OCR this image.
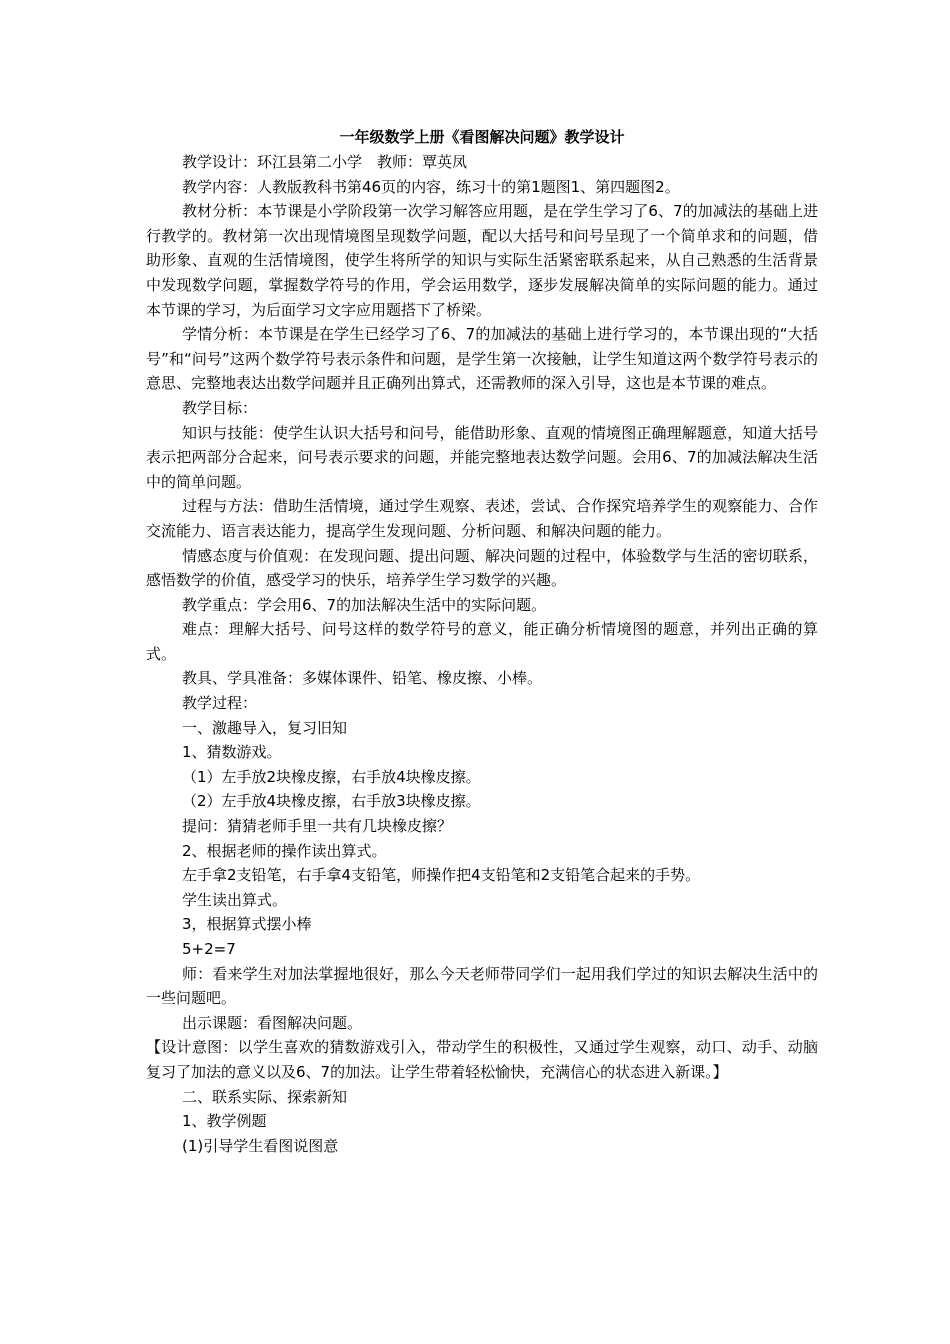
一年级数学上册《看图解决问题》教学设计

教学设计：环江县第二小学　教师：覃英凤

教学内容：人教版教科书第46页的内容，练习十的第1题图1、第四题图2。

教材分析：本节课是小学阶段第一次学习解答应用题，是在学生学习了6、7的加减法的基础上进行教学的。教材第一次出现情境图呈现数学问题，配以大括号和问号呈现了一个简单求和的问题，借助形象、直观的生活情境图，使学生将所学的知识与实际生活紧密联系起来，从自己熟悉的生活背景中发现数学问题，掌握数学符号的作用，学会运用数学，逐步发展解决简单的实际问题的能力。通过本节课的学习，为后面学习文字应用题搭下了桥梁。

学情分析：本节课是在学生已经学习了6、7的加减法的基础上进行学习的，本节课出现的“大括号”和“问号”这两个数学符号表示条件和问题，是学生第一次接触，让学生知道这两个数学符号表示的意思、完整地表达出数学问题并且正确列出算式，还需教师的深入引导，这也是本节课的难点。

教学目标：

知识与技能：使学生认识大括号和问号，能借助形象、直观的情境图正确理解题意，知道大括号表示把两部分合起来，问号表示要求的问题，并能完整地表达数学问题。会用6、7的加减法解决生活中的简单问题。

过程与方法：借助生活情境，通过学生观察、表述，尝试、合作探究培养学生的观察能力、合作交流能力、语言表达能力，提高学生发现问题、分析问题、和解决问题的能力。

情感态度与价值观：在发现问题、提出问题、解决问题的过程中，体验数学与生活的密切联系，感悟数学的价值，感受学习的快乐，培养学生学习数学的兴趣。

教学重点：学会用6、7的加法解决生活中的实际问题。

难点：理解大括号、问号这样的数学符号的意义，能正确分析情境图的题意，并列出正确的算式。

教具、学具准备：多媒体课件、铅笔、橡皮擦、小棒。

教学过程：

一、激趣导入，复习旧知

1、猜数游戏。

（1）左手放2块橡皮擦，右手放4块橡皮擦。

（2）左手放4块橡皮擦，右手放3块橡皮擦。

提问：猜猜老师手里一共有几块橡皮擦？

2、根据老师的操作读出算式。

左手拿2支铅笔，右手拿4支铅笔，师操作把4支铅笔和2支铅笔合起来的手势。

学生读出算式。

3，根据算式摆小棒

5+2=7

师：看来学生对加法掌握地很好，那么今天老师带同学们一起用我们学过的知识去解决生活中的一些问题吧。

出示课题：看图解决问题。

【设计意图：以学生喜欢的猜数游戏引入，带动学生的积极性，又通过学生观察，动口、动手、动脑复习了加法的意义以及6、7的加法。让学生带着轻松愉快，充满信心的状态进入新课。】

二、联系实际、探索新知

1、教学例题

(1)引导学生看图说图意
